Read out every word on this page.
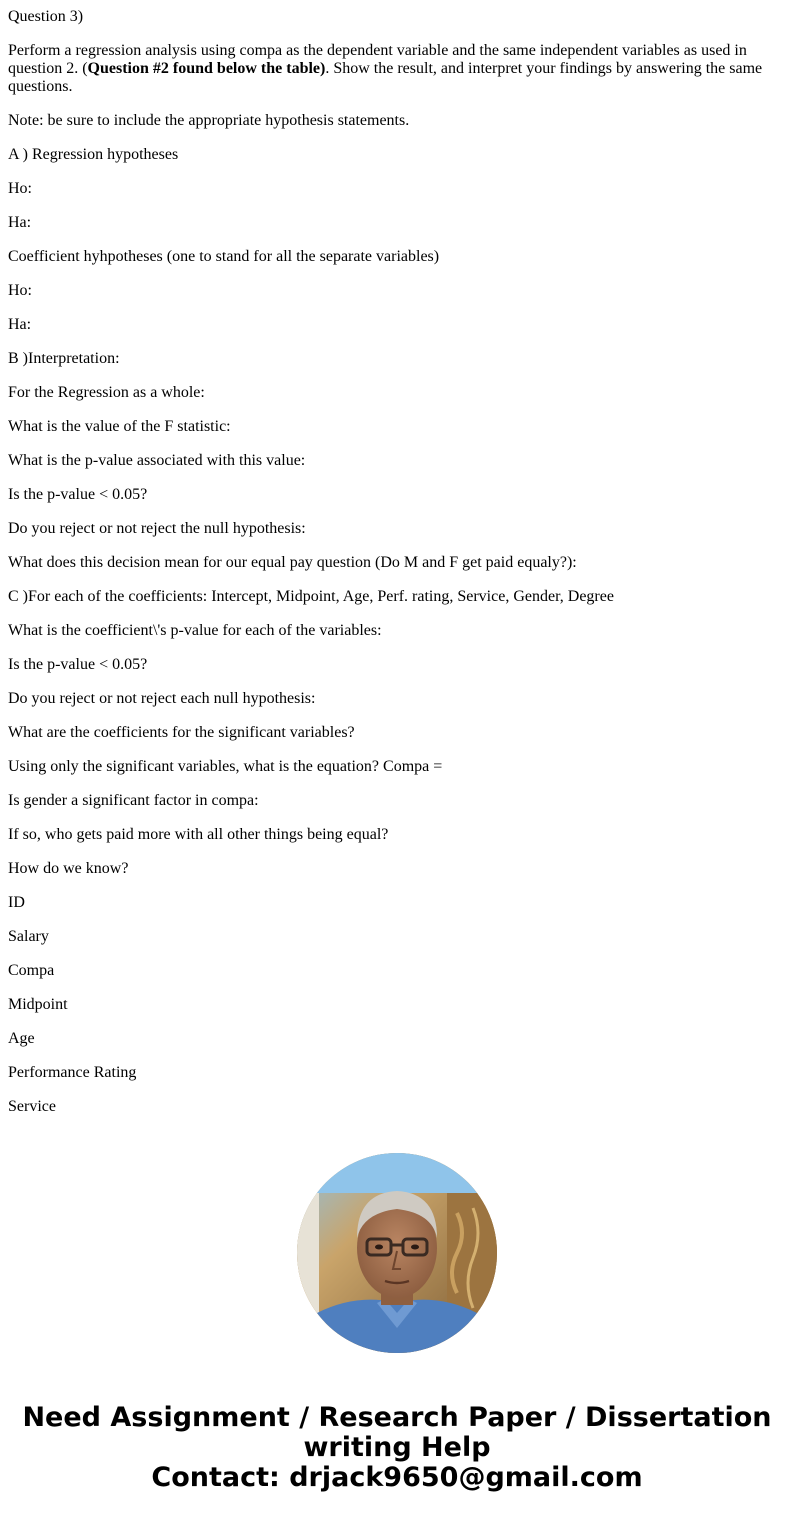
Question 3)

Perform a regression analysis using compa as the dependent variable and the same independent variables as used in question 2. (Question #2 found below the table). Show the result, and interpret your findings by answering the same questions.

Note: be sure to include the appropriate hypothesis statements.

A ) Regression hypotheses

Ho:

Ha:

Coefficient hyhpotheses (one to stand for all the separate variables)

Ho:

Ha:

B )Interpretation:

For the Regression as a whole:

What is the value of the F statistic:

What is the p-value associated with this value:

Is the p-value < 0.05?

Do you reject or not reject the null hypothesis:

What does this decision mean for our equal pay question (Do M and F get paid equaly?):

C )For each of the coefficients: Intercept, Midpoint, Age, Perf. rating, Service, Gender, Degree

What is the coefficient\'s p-value for each of the variables:

Is the p-value < 0.05?

Do you reject or not reject each null hypothesis:

What are the coefficients for the significant variables?

Using only the significant variables, what is the equation? Compa =

Is gender a significant factor in compa:

If so, who gets paid more with all other things being equal?

How do we know?

ID

Salary

Compa

Midpoint

Age

Performance Rating

Service

Need Assignment / Research Paper / Dissertation
writing Help
Contact: drjack9650@gmail.com
